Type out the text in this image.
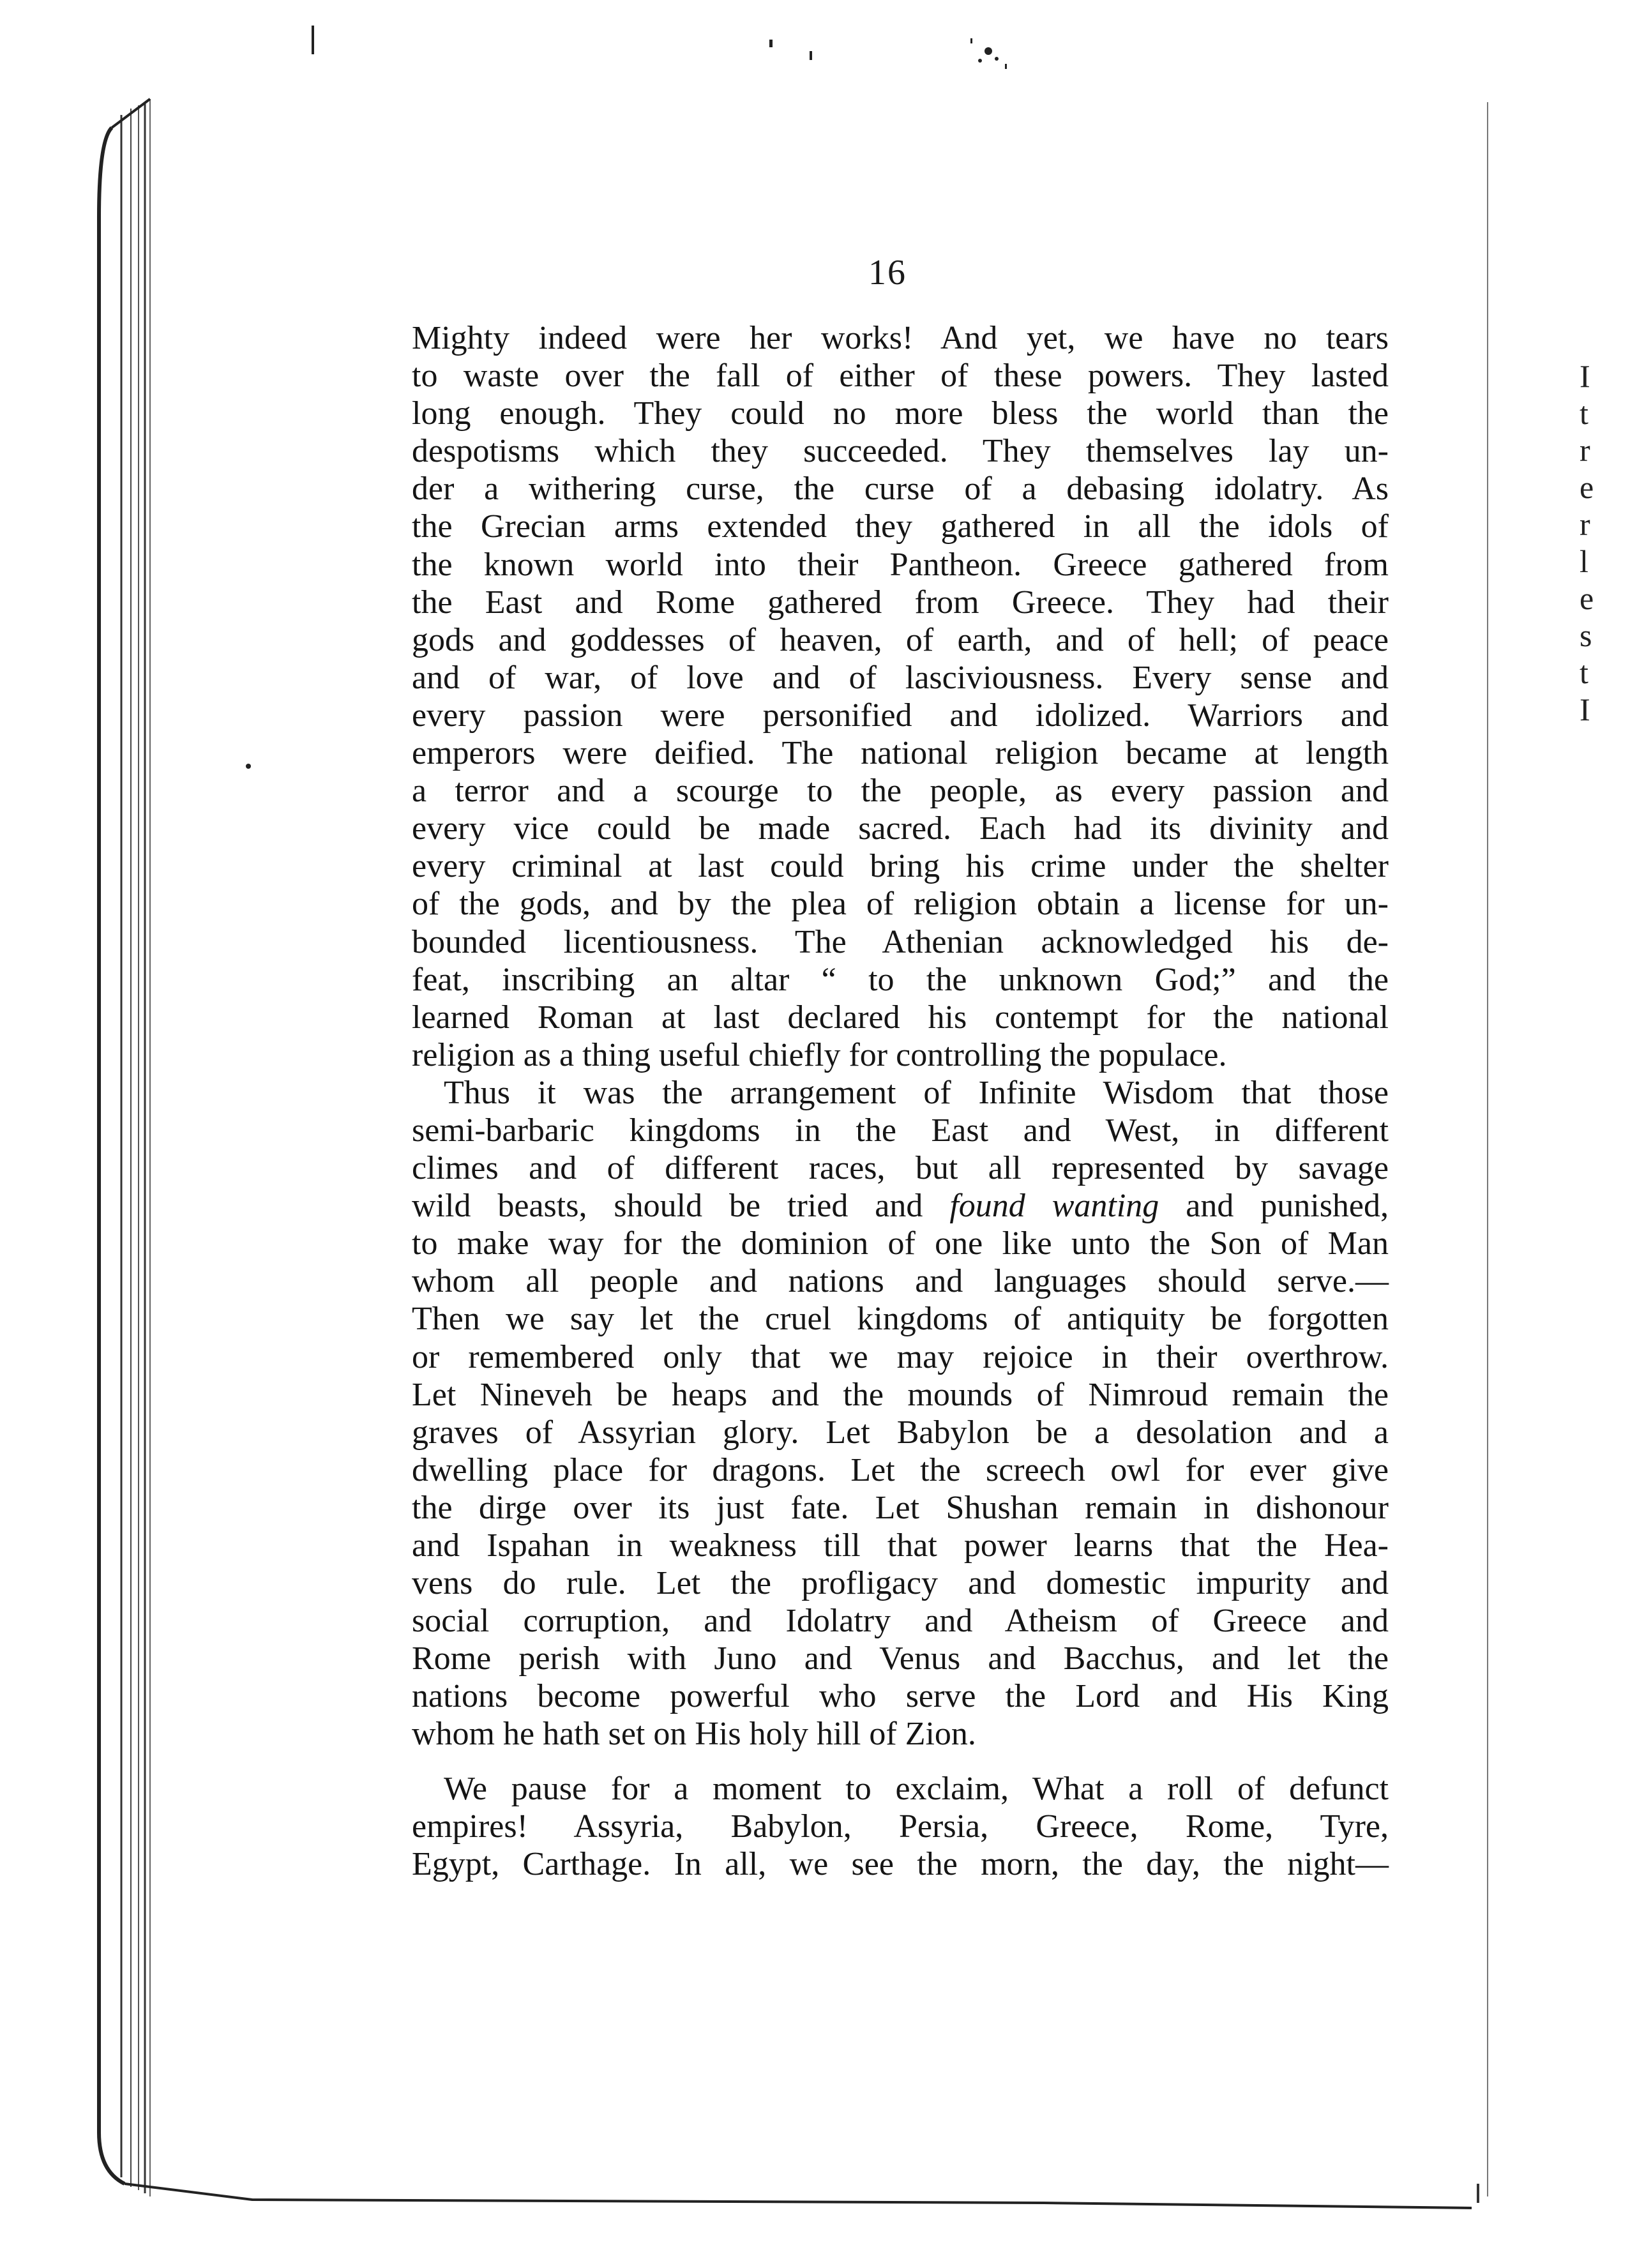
16
Mighty indeed were her works! And yet, we have no tears
to waste over the fall of either of these powers. They lasted
long enough. They could no more bless the world than the
despotisms which they succeeded. They themselves lay un-
der a withering curse, the curse of a debasing idolatry. As
the Grecian arms extended they gathered in all the idols of
the known world into their Pantheon. Greece gathered from
the East and Rome gathered from Greece. They had their
gods and goddesses of heaven, of earth, and of hell; of peace
and of war, of love and of lasciviousness. Every sense and
every passion were personified and idolized. Warriors and
emperors were deified. The national religion became at length
a terror and a scourge to the people, as every passion and
every vice could be made sacred. Each had its divinity and
every criminal at last could bring his crime under the shelter
of the gods, and by the plea of religion obtain a license for un-
bounded licentiousness. The Athenian acknowledged his de-
feat, inscribing an altar “ to the unknown God;” and the
learned Roman at last declared his contempt for the national
religion as a thing useful chiefly for controlling the populace.
Thus it was the arrangement of Infinite Wisdom that those
semi-barbaric kingdoms in the East and West, in different
climes and of different races, but all represented by savage
wild beasts, should be tried and found wanting and punished,
to make way for the dominion of one like unto the Son of Man
whom all people and nations and languages should serve.—
Then we say let the cruel kingdoms of antiquity be forgotten
or remembered only that we may rejoice in their overthrow.
Let Nineveh be heaps and the mounds of Nimroud remain the
graves of Assyrian glory. Let Babylon be a desolation and a
dwelling place for dragons. Let the screech owl for ever give
the dirge over its just fate. Let Shushan remain in dishonour
and Ispahan in weakness till that power learns that the Hea-
vens do rule. Let the profligacy and domestic impurity and
social corruption, and Idolatry and Atheism of Greece and
Rome perish with Juno and Venus and Bacchus, and let the
nations become powerful who serve the Lord and His King
whom he hath set on His holy hill of Zion.
We pause for a moment to exclaim, What a roll of defunct
empires! Assyria, Babylon, Persia, Greece, Rome, Tyre,
Egypt, Carthage. In all, we see the morn, the day, the night—
I
t
r
e
r
l
e
s
t
I
